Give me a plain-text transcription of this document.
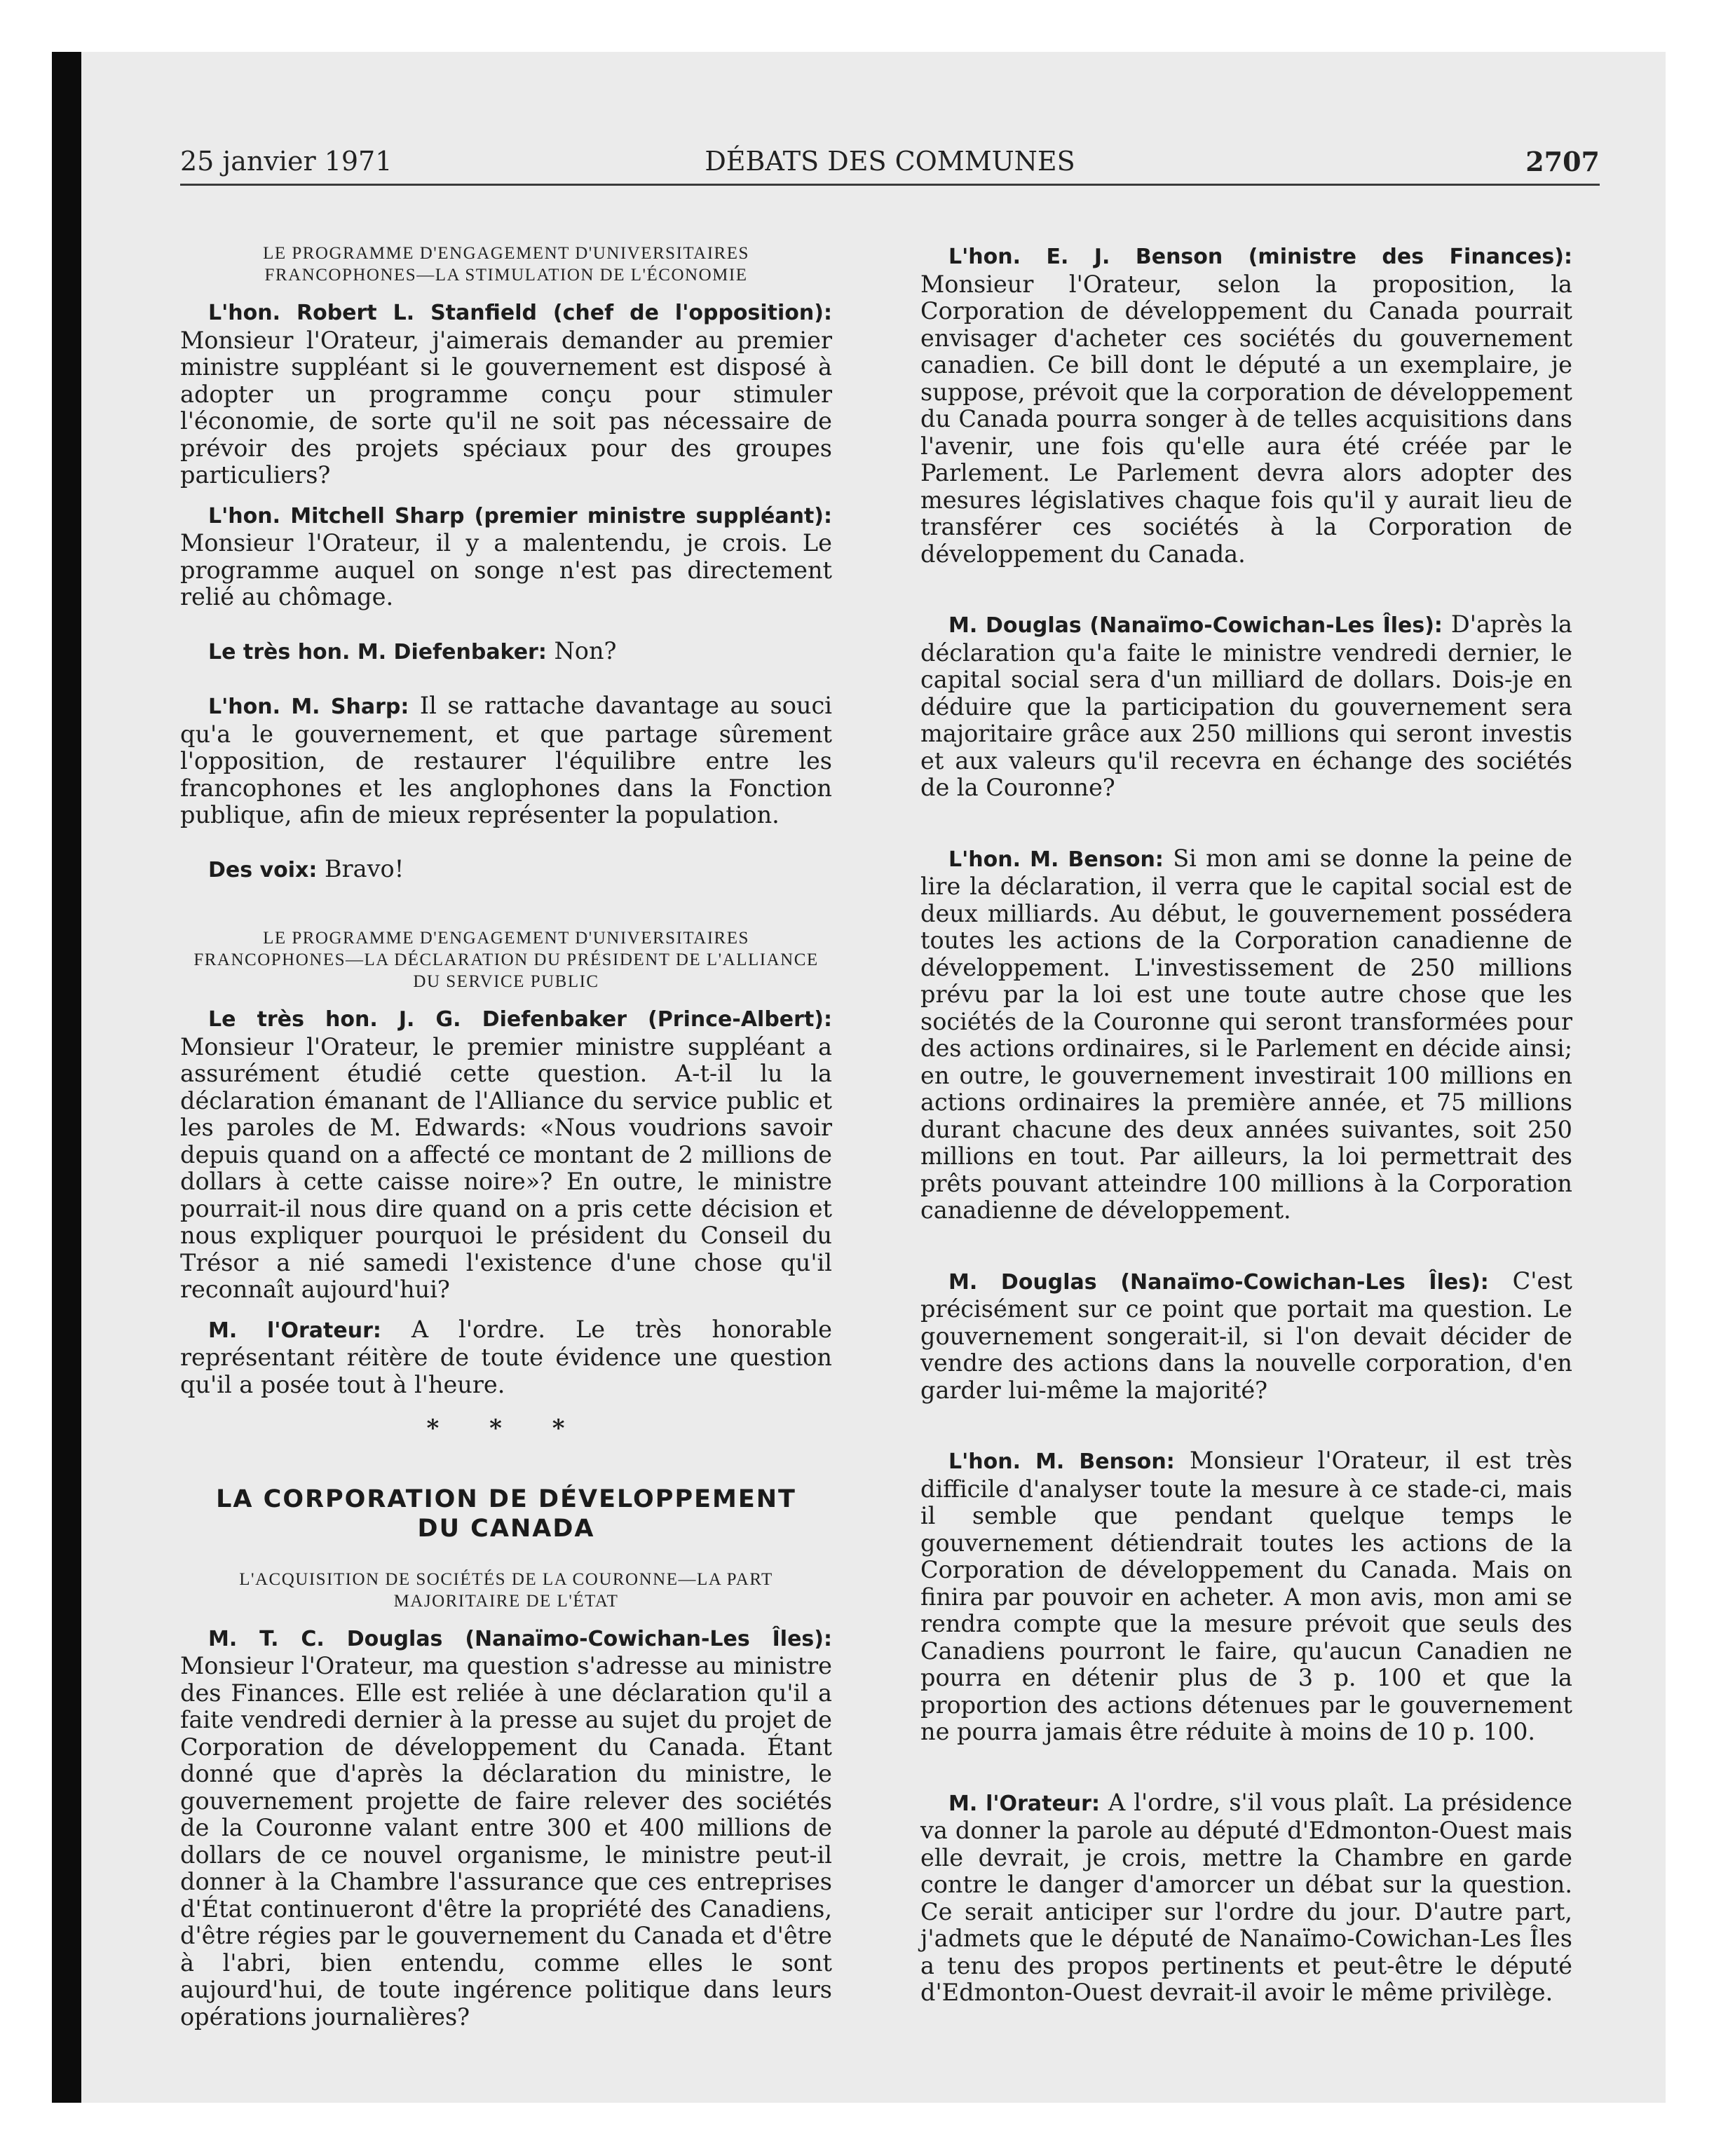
25 janvier 1971	DÉBATS DES COMMUNES	2707
LE PROGRAMME D'ENGAGEMENT D'UNIVERSITAIRES FRANCOPHONES—LA STIMULATION DE L'ÉCONOMIE

L'hon. Robert L. Stanfield (chef de l'opposition): Monsieur l'Orateur, j'aimerais demander au premier ministre suppléant si le gouvernement est disposé à adopter un programme conçu pour stimuler l'économie, de sorte qu'il ne soit pas nécessaire de prévoir des projets spéciaux pour des groupes particuliers?

L'hon. Mitchell Sharp (premier ministre suppléant): Monsieur l'Orateur, il y a malentendu, je crois. Le programme auquel on songe n'est pas directement relié au chômage.

Le très hon. M. Diefenbaker: Non?

L'hon. M. Sharp: Il se rattache davantage au souci qu'a le gouvernement, et que partage sûrement l'opposition, de restaurer l'équilibre entre les francophones et les anglophones dans la Fonction publique, afin de mieux représenter la population.

Des voix: Bravo!

LE PROGRAMME D'ENGAGEMENT D'UNIVERSITAIRES FRANCOPHONES—LA DÉCLARATION DU PRÉSIDENT DE L'ALLIANCE DU SERVICE PUBLIC

Le très hon. J. G. Diefenbaker (Prince-Albert): Monsieur l'Orateur, le premier ministre suppléant a assurément étudié cette question. A-t-il lu la déclaration émanant de l'Alliance du service public et les paroles de M. Edwards: «Nous voudrions savoir depuis quand on a affecté ce montant de 2 millions de dollars à cette caisse noire»? En outre, le ministre pourrait-il nous dire quand on a pris cette décision et nous expliquer pourquoi le président du Conseil du Trésor a nié samedi l'existence d'une chose qu'il reconnaît aujourd'hui?

M. l'Orateur: A l'ordre. Le très honorable représentant réitère de toute évidence une question qu'il a posée tout à l'heure.

* * *
LA CORPORATION DE DÉVELOPPEMENT DU CANADA
L'ACQUISITION DE SOCIÉTÉS DE LA COURONNE—LA PART MAJORITAIRE DE L'ÉTAT

M. T. C. Douglas (Nanaïmo-Cowichan-Les Îles): Monsieur l'Orateur, ma question s'adresse au ministre des Finances. Elle est reliée à une déclaration qu'il a faite vendredi dernier à la presse au sujet du projet de Corporation de développement du Canada. Étant donné que d'après la déclaration du ministre, le gouvernement projette de faire relever des sociétés de la Couronne valant entre 300 et 400 millions de dollars de ce nouvel organisme, le ministre peut-il donner à la Chambre l'assurance que ces entreprises d'État continueront d'être la propriété des Canadiens, d'être régies par le gouvernement du Canada et d'être à l'abri, bien entendu, comme elles le sont aujourd'hui, de toute ingérence politique dans leurs opérations journalières?

L'hon. E. J. Benson (ministre des Finances): Monsieur l'Orateur, selon la proposition, la Corporation de développement du Canada pourrait envisager d'acheter ces sociétés du gouvernement canadien. Ce bill dont le député a un exemplaire, je suppose, prévoit que la corporation de développement du Canada pourra songer à de telles acquisitions dans l'avenir, une fois qu'elle aura été créée par le Parlement. Le Parlement devra alors adopter des mesures législatives chaque fois qu'il y aurait lieu de transférer ces sociétés à la Corporation de développement du Canada.

M. Douglas (Nanaïmo-Cowichan-Les Îles): D'après la déclaration qu'a faite le ministre vendredi dernier, le capital social sera d'un milliard de dollars. Dois-je en déduire que la participation du gouvernement sera majoritaire grâce aux 250 millions qui seront investis et aux valeurs qu'il recevra en échange des sociétés de la Couronne?

L'hon. M. Benson: Si mon ami se donne la peine de lire la déclaration, il verra que le capital social est de deux milliards. Au début, le gouvernement possédera toutes les actions de la Corporation canadienne de développement. L'investissement de 250 millions prévu par la loi est une toute autre chose que les sociétés de la Couronne qui seront transformées pour des actions ordinaires, si le Parlement en décide ainsi; en outre, le gouvernement investirait 100 millions en actions ordinaires la première année, et 75 millions durant chacune des deux années suivantes, soit 250 millions en tout. Par ailleurs, la loi permettrait des prêts pouvant atteindre 100 millions à la Corporation canadienne de développement.

M. Douglas (Nanaïmo-Cowichan-Les Îles): C'est précisément sur ce point que portait ma question. Le gouvernement songerait-il, si l'on devait décider de vendre des actions dans la nouvelle corporation, d'en garder lui-même la majorité?

L'hon. M. Benson: Monsieur l'Orateur, il est très difficile d'analyser toute la mesure à ce stade-ci, mais il semble que pendant quelque temps le gouvernement détiendrait toutes les actions de la Corporation de développement du Canada. Mais on finira par pouvoir en acheter. A mon avis, mon ami se rendra compte que la mesure prévoit que seuls des Canadiens pourront le faire, qu'aucun Canadien ne pourra en détenir plus de 3 p. 100 et que la proportion des actions détenues par le gouvernement ne pourra jamais être réduite à moins de 10 p. 100.

M. l'Orateur: A l'ordre, s'il vous plaît. La présidence va donner la parole au député d'Edmonton-Ouest mais elle devrait, je crois, mettre la Chambre en garde contre le danger d'amorcer un débat sur la question. Ce serait anticiper sur l'ordre du jour. D'autre part, j'admets que le député de Nanaïmo-Cowichan-Les Îles a tenu des propos pertinents et peut-être le député d'Edmonton-Ouest devrait-il avoir le même privilège.
